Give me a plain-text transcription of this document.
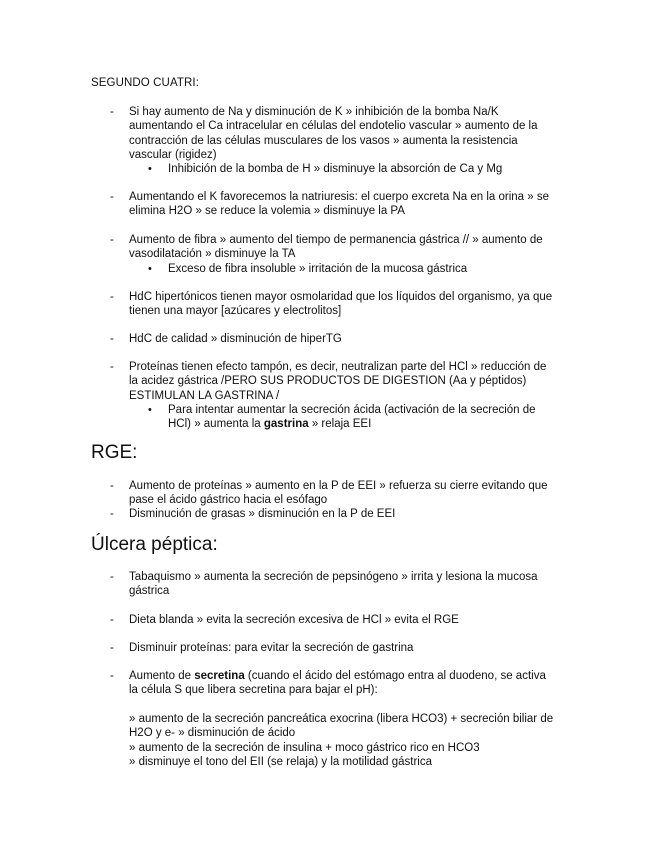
SEGUNDO CUATRI:
-	Si hay aumento de Na y disminución de K » inhibición de la bomba Na/K
aumentando el Ca intracelular en células del endotelio vascular » aumento de la
contracción de las células musculares de los vasos » aumenta la resistencia
vascular (rigidez)
• Inhibición de la bomba de H » disminuye la absorción de Ca y Mg
-	Aumentando el K favorecemos la natriuresis: el cuerpo excreta Na en la orina » se
elimina H2O » se reduce la volemia » disminuye la PA
-	Aumento de fibra » aumento del tiempo de permanencia gástrica // » aumento de
vasodilatación » disminuye la TA
• Exceso de fibra insoluble » irritación de la mucosa gástrica
-	HdC hipertónicos tienen mayor osmolaridad que los líquidos del organismo, ya que
tienen una mayor [azúcares y electrolitos]
-	HdC de calidad » disminución de hiperTG
-	Proteínas tienen efecto tampón, es decir, neutralizan parte del HCl » reducción de
la acidez gástrica /PERO SUS PRODUCTOS DE DIGESTION (Aa y péptidos)
ESTIMULAN LA GASTRINA /
• Para intentar aumentar la secreción ácida (activación de la secreción de
HCl) » aumenta la gastrina » relaja EEI
RGE:
-	Aumento de proteínas » aumento en la P de EEI » refuerza su cierre evitando que
pase el ácido gástrico hacia el esófago
-	Disminución de grasas » disminución en la P de EEI
Úlcera péptica:
-	Tabaquismo » aumenta la secreción de pepsinógeno » irrita y lesiona la mucosa
gástrica
-	Dieta blanda » evita la secreción excesiva de HCl » evita el RGE
-	Disminuir proteínas: para evitar la secreción de gastrina
-	Aumento de secretina (cuando el ácido del estómago entra al duodeno, se activa
la célula S que libera secretina para bajar el pH):
» aumento de la secreción pancreática exocrina (libera HCO3) + secreción biliar de
H2O y e- » disminución de ácido
» aumento de la secreción de insulina + moco gástrico rico en HCO3
» disminuye el tono del EII (se relaja) y la motilidad gástrica
